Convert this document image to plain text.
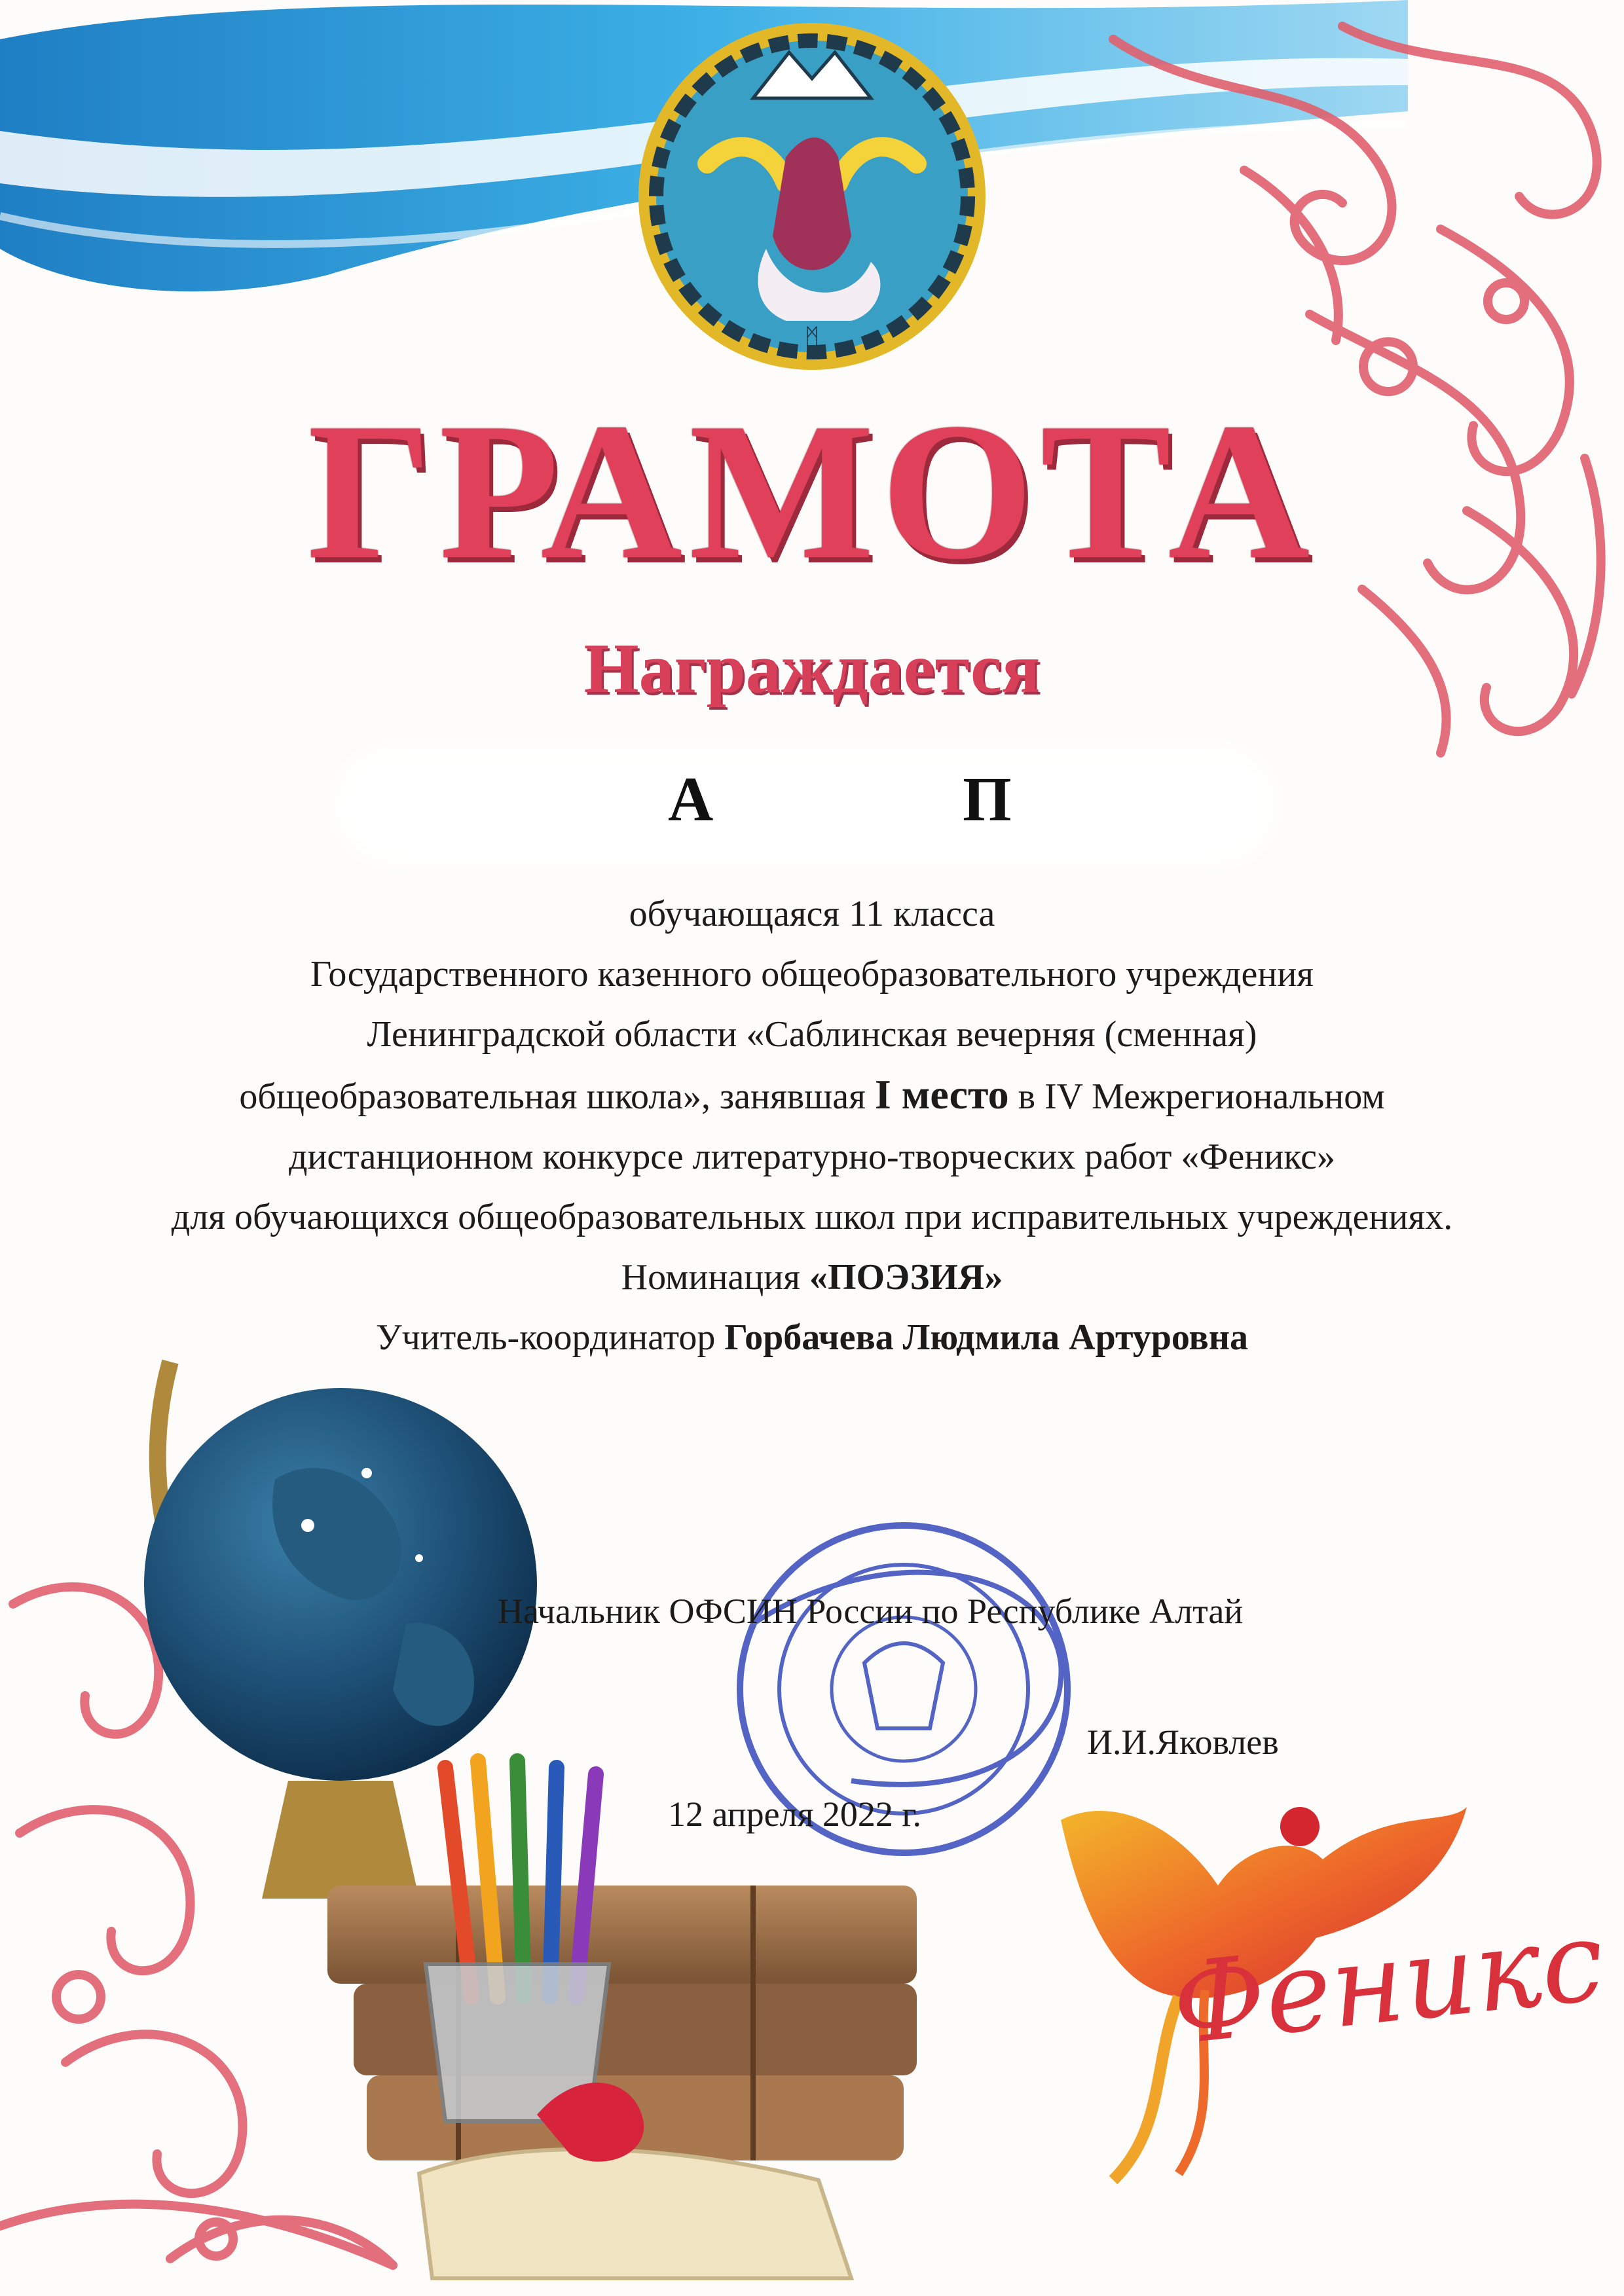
ᛗ
ГРАМОТА
Награждается
А	П
обучающаяся 11 класса
Государственного казенного общеобразовательного учреждения
Ленинградской области «Саблинская вечерняя (сменная)
общеобразовательная школа», занявшая I место в IV Межрегиональном
дистанционном конкурсе литературно-творческих работ «Феникс»
для обучающихся общеобразовательных школ при исправительных учреждениях.
Номинация «ПОЭЗИЯ»
Учитель-координатор Горбачева Людмила Артуровна
Начальник ОФСИН России по Республике Алтай
И.И.Яковлев
12 апреля 2022 г.
Феникс
